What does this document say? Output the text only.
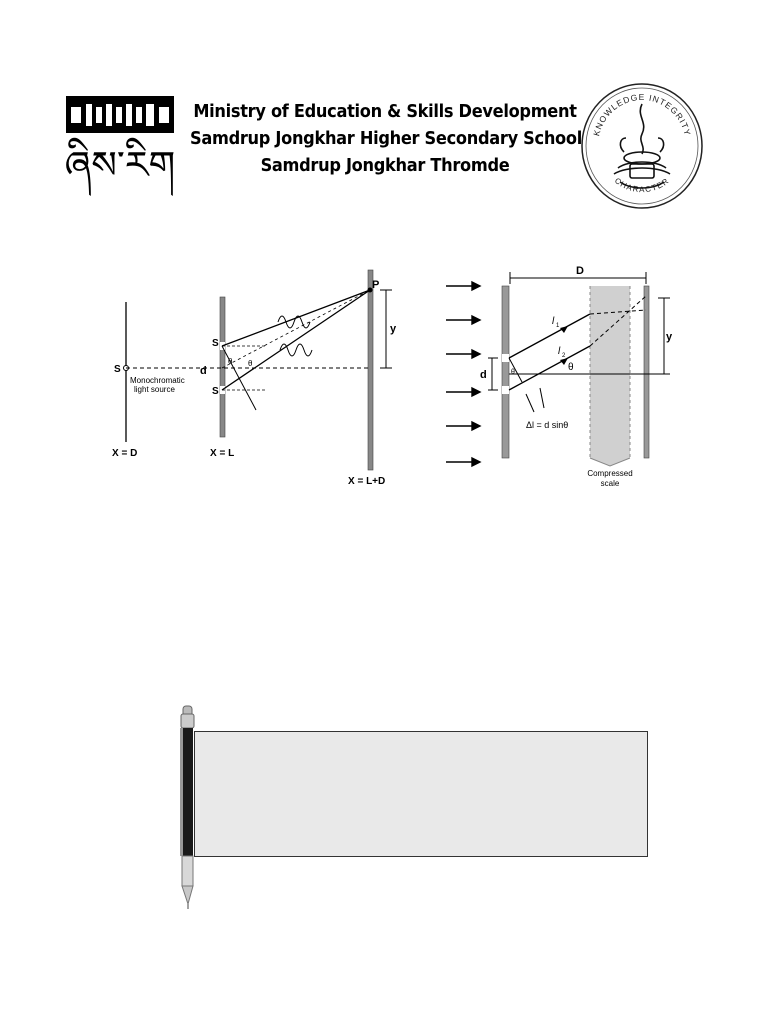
ཞིས་རིག
Ministry of Education & Skills Development
Samdrup Jongkhar Higher Secondary School
Samdrup Jongkhar Thromde
KNOWLEDGE INTEGRITY
CHARACTER
S
Monochromatic
light source
P
S
S
d
θ θ
y
X = D	X = L
X = L+D
Compressed
scale
D
l 1
l 2
θ
θ
d
Δl = d sinθ
y
